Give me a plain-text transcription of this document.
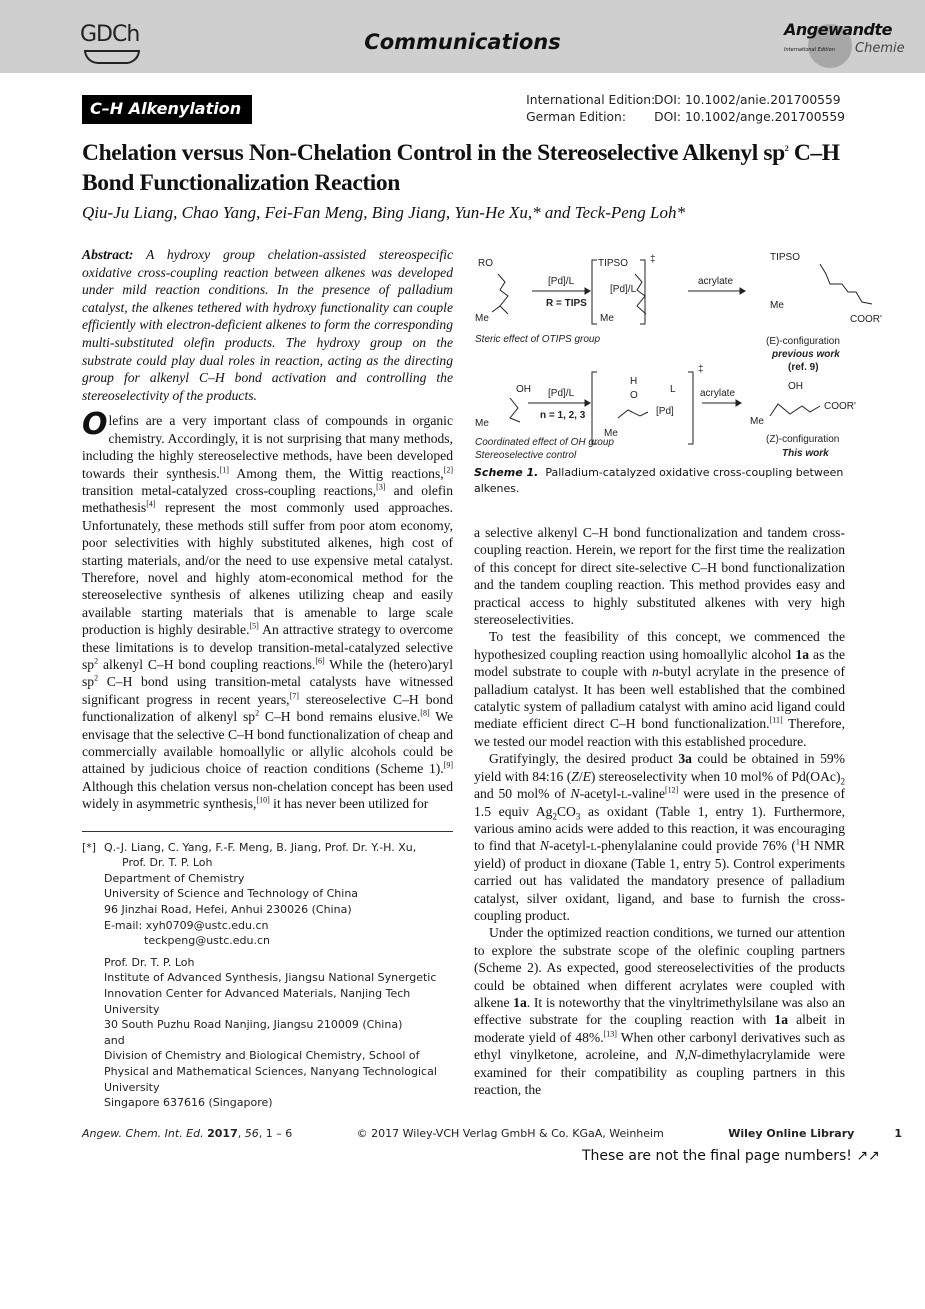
GDCh	Communications
Angewandte
International Edition Chemie
C–H Alkenylation	International Edition:DOI: 10.1002/anie.201700559
German Edition: DOI: 10.1002/ange.201700559
Chelation versus Non-Chelation Control in the Stereoselective Alkenyl $sp^2$ C–H Bond Functionalization Reaction
Qiu-Ju Liang, Chao Yang, Fei-Fan Meng, Bing Jiang, Yun-He Xu,* and Teck-Peng Loh*
Abstract: A hydroxy group chelation-assisted stereospecific oxidative cross-coupling reaction between alkenes was developed under mild reaction conditions. In the presence of palladium catalyst, the alkenes tethered with hydroxy functionality can couple efficiently with electron-deficient alkenes to form the corresponding multi-substituted olefin products. The hydroxy group on the substrate could play dual roles in reaction, acting as the directing group for alkenyl C–H bond activation and controlling the stereoselectivity of the products.
Olefins are a very important class of compounds in organic chemistry. Accordingly, it is not surprising that many methods, including the highly stereoselective methods, have been developed towards their synthesis.[1] Among them, the Wittig reactions,[2] transition metal-catalyzed cross-coupling reactions,[3] and olefin methathesis[4] represent the most commonly used approaches. Unfortunately, these methods still suffer from poor atom economy, poor selectivities with highly substituted alkenes, high cost of starting materials, and/or the need to use expensive metal catalyst. Therefore, novel and highly atom-economical method for the stereoselective synthesis of alkenes utilizing cheap and easily available starting materials that is amenable to large scale production is highly desirable.[5] An attractive strategy to overcome these limitations is to develop transition-metal-catalyzed selective $sp^2$ alkenyl C–H bond coupling reactions.[6] While the (hetero)aryl $sp^2$ C–H bond using transition-metal catalysts have witnessed significant progress in recent years,[7] stereoselective C–H bond functionalization of alkenyl $sp^2$ C–H bond remains elusive.[8] We envisage that the selective C–H bond functionalization of cheap and commercially available homoallylic or allylic alcohols could be attained by judicious choice of reaction conditions (Scheme 1).[9] Although this chelation versus non-chelation concept has been used widely in asymmetric synthesis,[10] it has never been utilized for
[*] Q.-J. Liang, C. Yang, F.-F. Meng, B. Jiang, Prof. Dr. Y.-H. Xu,
Prof. Dr. T. P. Loh
Department of Chemistry
University of Science and Technology of China
96 Jinzhai Road, Hefei, Anhui 230026 (China)
E-mail: xyh0709@ustc.edu.cn
teckpeng@ustc.edu.cn
Prof. Dr. T. P. Loh
Institute of Advanced Synthesis, Jiangsu National Synergetic Innovation Center for Advanced Materials, Nanjing Tech University
30 South Puzhu Road Nanjing, Jiangsu 210009 (China)
and
Division of Chemistry and Biological Chemistry, School of Physical and Mathematical Sciences, Nanyang Technological University
Singapore 637616 (Singapore)
RO
Me
[Pd]/L
R = TIPS
TIPSO
[Pd]/L
Me
‡
acrylate
TIPSO
Me
COOR'
Steric effect of OTIPS group	(E)-configuration
previous work
(ref. 9)
OH
Me
[Pd]/L
n = 1, 2, 3
H
O
L
[Pd]
Me
‡
acrylate
OH
Me
COOR'
Coordinated effect of OH group
Stereoselective control
(Z)-configuration
This work
Scheme 1. Palladium-catalyzed oxidative cross-coupling between alkenes.

a selective alkenyl C–H bond functionalization and tandem cross-coupling reaction. Herein, we report for the first time the realization of this concept for direct site-selective C–H bond functionalization and the tandem coupling reaction. This method provides easy and practical access to highly substituted alkenes with very high stereoselectivities.

To test the feasibility of this concept, we commenced the hypothesized coupling reaction using homoallylic alcohol 1a as the model substrate to couple with n-butyl acrylate in the presence of palladium catalyst. It has been well established that the combined catalytic system of palladium catalyst with amino acid ligand could mediate efficient direct C–H bond functionalization.[11] Therefore, we tested our model reaction with this established procedure.

Gratifyingly, the desired product 3a could be obtained in 59% yield with 84:16 (Z/E) stereoselectivity when 10 mol% of $Pd(OAc)_2$ and 50 mol% of N-acetyl-l-valine[12] were used in the presence of 1.5 equiv $Ag_2CO_3$ as oxidant (Table 1, entry 1). Furthermore, various amino acids were added to this reaction, it was encouraging to find that N-acetyl-l-phenylalanine could provide 76% ($^1$H NMR yield) of product in dioxane (Table 1, entry 5). Control experiments carried out has validated the mandatory presence of palladium catalyst, silver oxidant, ligand, and base to furnish the cross-coupling product.

Under the optimized reaction conditions, we turned our attention to explore the substrate scope of the olefinic coupling partners (Scheme 2). As expected, good stereoselectivities of the products could be obtained when different acrylates were coupled with alkene 1a. It is noteworthy that the vinyltrimethylsilane was also an effective substrate for the coupling reaction with 1a albeit in moderate yield of 48%.[13] When other carbonyl derivatives such as ethyl vinylketone, acroleine, and N,N-dimethylacrylamide were examined for their compatibility as coupling partners in this reaction, the

Angew. Chem. Int. Ed. 2017, 56, 1 – 6	© 2017 Wiley-VCH Verlag GmbH & Co. KGaA, Weinheim	Wiley Online Library	1
These are not the final page numbers! ↗↗
